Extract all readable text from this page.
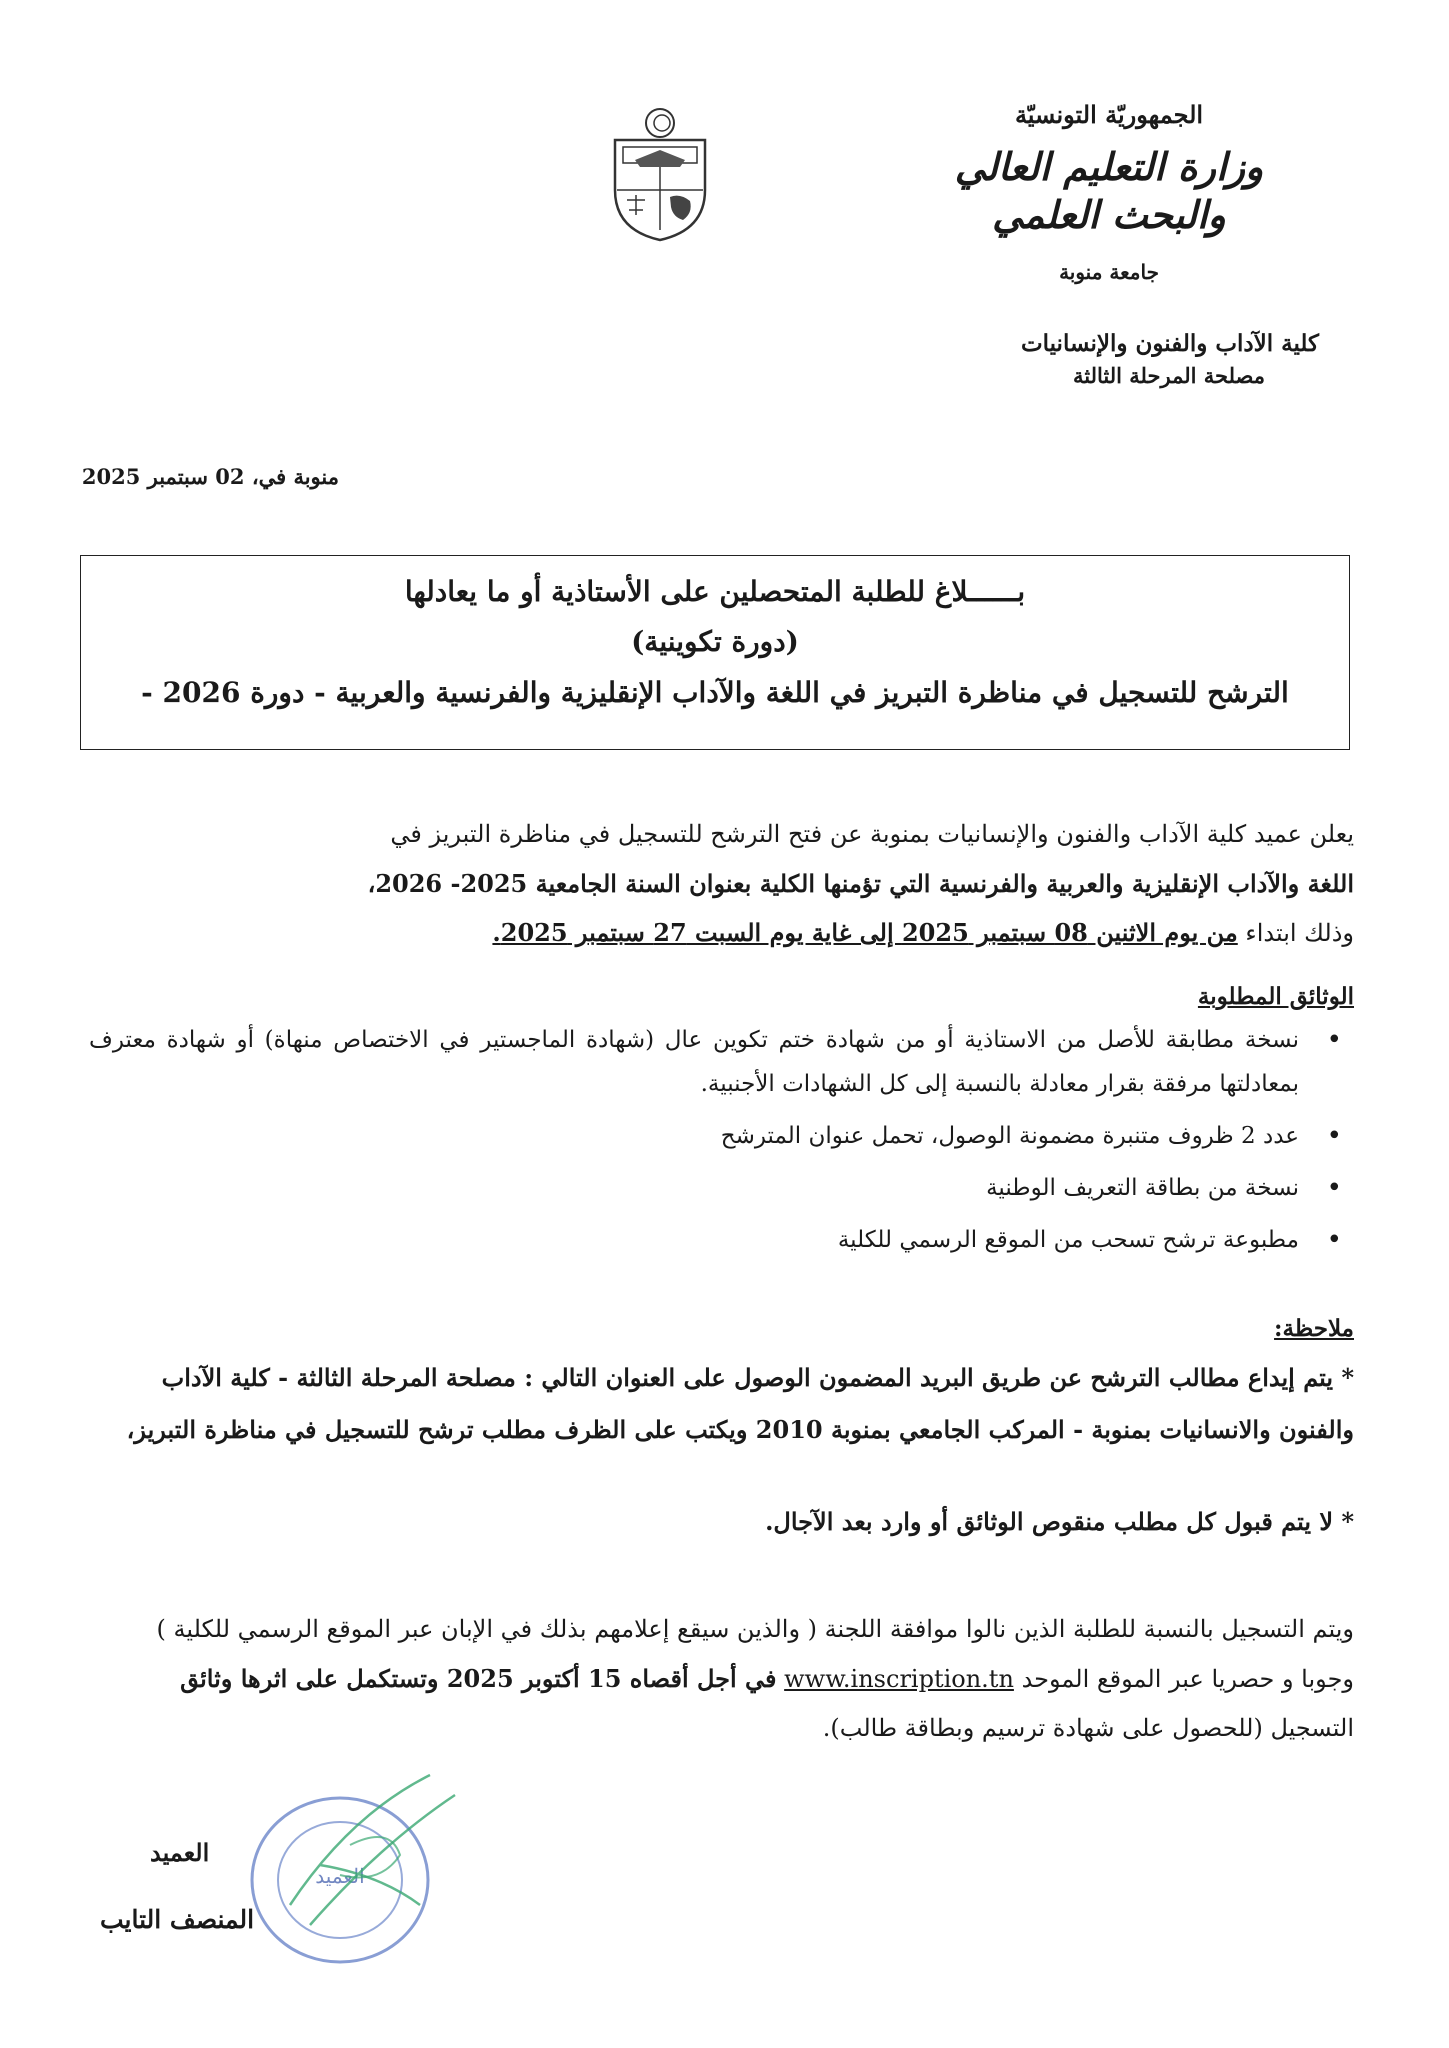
الجمهوريّة التونسيّة

وزارة التعليم العالي
والبحث العلمي

جامعة منوبة

كلية الآداب والفنون والإنسانيات

مصلحة المرحلة الثالثة

منوبة في، 02 سبتمبر 2025

بــــــلاغ للطلبة المتحصلين على الأستاذية أو ما يعادلها

(دورة تكوينية)

الترشح للتسجيل في مناظرة التبريز في اللغة والآداب الإنقليزية والفرنسية والعربية - دورة 2026 -

يعلن عميد كلية الآداب والفنون والإنسانيات بمنوبة عن فتح الترشح للتسجيل في مناظرة التبريز في

اللغة والآداب الإنقليزية والعربية والفرنسية التي تؤمنها الكلية بعنوان السنة الجامعية 2025- 2026،

وذلك ابتداء من يوم الاثنين 08 سبتمبر 2025 إلى غاية يوم السبت 27 سبتمبر 2025.

الوثائق المطلوبة

•
نسخة مطابقة للأصل من الاستاذية أو من شهادة ختم تكوين عال (شهادة الماجستير في الاختصاص منهاة) أو شهادة معترف بمعادلتها مرفقة بقرار معادلة بالنسبة إلى كل الشهادات الأجنبية.
•
عدد 2 ظروف متنبرة مضمونة الوصول، تحمل عنوان المترشح
•
نسخة من بطاقة التعريف الوطنية
•
مطبوعة ترشح تسحب من الموقع الرسمي للكلية

ملاحظة:

* يتم إيداع مطالب الترشح عن طريق البريد المضمون الوصول على العنوان التالي : مصلحة المرحلة الثالثة - كلية الآداب

والفنون والانسانيات بمنوبة - المركب الجامعي بمنوبة 2010 ويكتب على الظرف مطلب ترشح للتسجيل في مناظرة التبريز،

* لا يتم قبول كل مطلب منقوص الوثائق أو وارد بعد الآجال.

ويتم التسجيل بالنسبة للطلبة الذين نالوا موافقة اللجنة ( والذين سيقع إعلامهم بذلك في الإبان عبر الموقع الرسمي للكلية )

وجوبا و حصريا عبر الموقع الموحد www.inscription.tn في أجل أقصاه 15 أكتوبر 2025 وتستكمل على اثرها وثائق

التسجيل (للحصول على شهادة ترسيم وبطاقة طالب).

العميد
العميد
المنصف التايب
